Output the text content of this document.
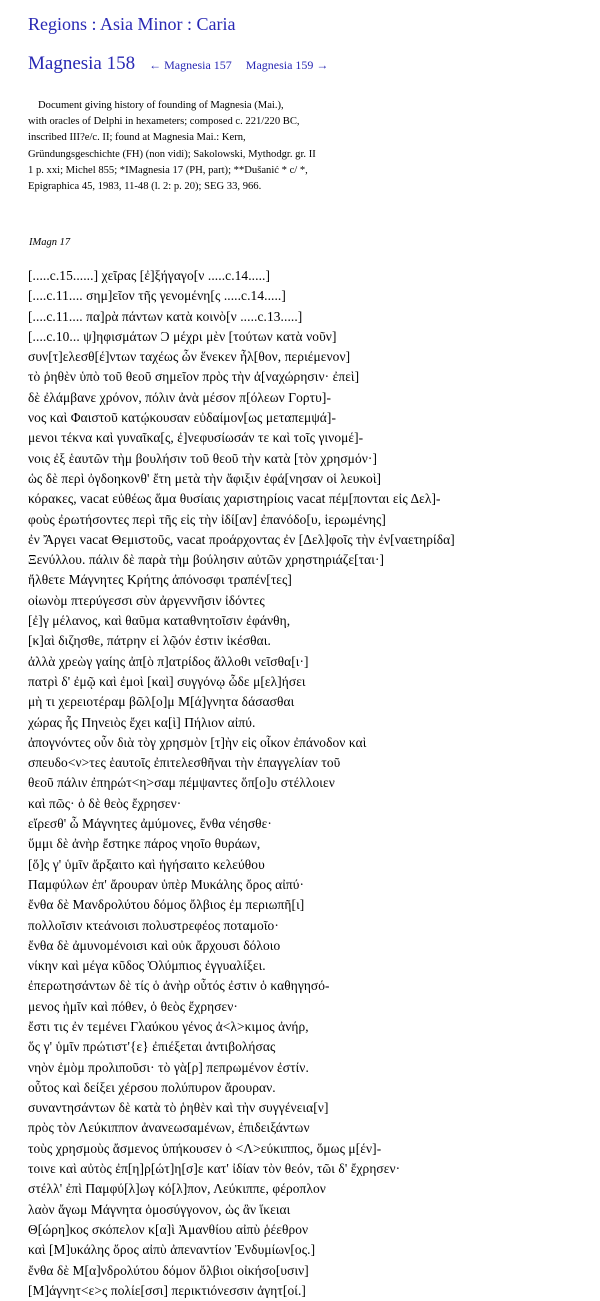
Regions : Asia Minor : Caria
Magnesia 158 ← Magnesia 157 Magnesia 159 →
Document giving history of founding of Magnesia (Mai.),
with oracles of Delphi in hexameters; composed c. 221/220 BC,
inscribed III?e/c. II; found at Magnesia Mai.: Kern,
Gründungsgeschichte (FH) (non vidi); Sakolowski, Mythodgr. gr. II
1 p. xxi; Michel 855; *IMagnesia 17 (PH, part); **Dušanić * c/ *,
Epigraphica 45, 1983, 11-48 (l. 2: p. 20); SEG 33, 966.
IMagn 17
[.....c.15......] χεῖρας [ἐ]ξήγαγο[ν .....c.14.....]
[....c.11.... σημ]εῖον τῆς γενομένη[ς .....c.14.....]
[....c.11.... πα]ρὰ πάντων κατὰ κοινὸ[ν .....c.13.....]
[....c.10... ψ]ηφισμάτων Ͻ μέχρι μὲν [τούτων κατὰ νοῦν]
συν[τ]ελεσθ[έ]ντων ταχέως ὧν ἕνεκεν ἦλ[θον, περιέμενον]
τὸ ῥηθὲν ὑπὸ τοῦ θεοῦ σημεῖον πρὸς τὴν ἀ[ναχώρησιν· ἐπεὶ]
δὲ ἐλάμβανε χρόνον, πόλιν ἀνὰ μέσον π[όλεων Γορτυ]-
νος καὶ Φαιστοῦ κατῴκουσαν εὐδαίμον[ως μεταπεμψά]-
μενοι τέκνα καὶ γυναῖκα[ς, ἐ]νεφυσίωσάν τε καὶ τοῖς γινομέ]-
νοις ἐξ ἑαυτῶν τὴμ βουλήσιν τοῦ θεοῦ τὴν κατὰ [τὸν χρησμόν·]
ὡς δὲ περὶ ὀγδοηκονθ' ἔτη μετὰ τὴν ἄφιξιν ἐφά[νησαν οἱ λευκοὶ]
κόρακες, vacat εὐθέως ἅμα θυσίαις χαριστηρίοις vacat πέμ[πονται εἰς Δελ]-
φοὺς ἐρωτήσοντες περὶ τῆς εἰς τὴν ἰδί[αν] ἐπανόδο[υ, ἱερωμένης]
ἐν Ἄργει vacat Θεμιστοῦς, vacat προάρχοντας ἐν [Δελ]φοῖς τὴν ἐν[ναετηρίδα]
Ξενύλλου. πάλιν δὲ παρὰ τὴμ βούλησιν αὐτῶν χρηστηριάζε[ται·]
ἤλθετε Μάγνητες Κρήτης ἀπόνοσφι τραπέν[τες]
οἰωνὸμ πτερύγεσσι σὺν ἀργεννῆσιν ἰδόντες
[ἐ]γ μέλανος, καὶ θαῦμα καταθνητοῖσιν ἐφάνθη,
[κ]αὶ διζησθε, πάτρην εἰ λῷόν ἐστιν ἱκέσθαι.
ἀλλὰ χρεὼγ γαίης ἀπ[ὸ π]ατρίδος ἄλλοθι νεῖσθα[ι·]
πατρὶ δ' ἐμῷ καὶ ἐμοὶ [καὶ] συγγόνῳ ὧδε μ[ελ]ήσει
μὴ τι χερειοτέραμ βῶλ[ο]μ Μ[ά]γνητα δάσασθαι
χώρας ἧς Πηνειὸς ἔχει κα[ὶ] Πήλιον αἰπύ.
ἀπογνόντες οὖν διὰ τὸγ χρησμὸν [τ]ὴν εἰς οἶκον ἐπάνοδον καὶ
σπευδο<ν>τες ἑαυτοῖς ἐπιτελεσθῆναι τὴν ἐπαγγελίαν τοῦ
θεοῦ πάλιν ἐπηρώτ<η>σαμ πέμψαντες ὅπ[ο]υ στέλλοιεν
καὶ πῶς· ὁ δὲ θεὸς ἔχρησεν·
εἴρεσθ' ὦ Μάγνητες ἀμύμονες, ἔνθα νέησθε·
ὕμμι δὲ ἀνὴρ ἔστηκε πάρος νηοῖο θυράων,
[ὅ]ς γ' ὑμῖν ἄρξαιτο καὶ ἡγήσαιτο κελεύθου
Παμφύλων ἐπ' ἄρουραν ὑπὲρ Μυκάλης ὄρος αἰπύ·
ἔνθα δὲ Μανδρολύτου δόμος ὄλβιος ἐμ περιωπῆ[ι]
πολλοῖσιν κτεάνοισι πολυστρεφέος ποταμοῖο·
ἔνθα δὲ ἀμυνομένοισι καὶ οὐκ ἄρχουσι δόλοιο
νίκην καὶ μέγα κῦδος Ὀλύμπιος ἐγγυαλίξει.
ἐπερωτησάντων δὲ τίς ὁ ἀνὴρ οὗτός ἐστιν ὁ καθηγησό-
μενος ἡμῖν καὶ πόθεν, ὁ θεὸς ἔχρησεν·
ἔστι τις ἐν τεμένει Γλαύκου γένος ἀ<λ>κιμος ἀνήρ,
ὅς γ' ὑμῖν πρώτιστ'{ε} ἐπιέξεται ἀντιβολήσας
νηὸν ἐμὸμ προλιποῦσι· τὸ γὰ[ρ] πεπρωμένον ἐστίν.
οὗτος καὶ δείξει χέρσου πολύπυρον ἄρουραν.
συναντησάντων δὲ κατὰ τὸ ῥηθὲν καὶ τὴν συγγένεια[ν]
πρὸς τὸν Λεύκιππον ἀνανεωσαμένων, ἐπιδειξάντων
τοὺς χρησμοὺς ἄσμενος ὑπήκουσεν ὁ <Λ>εύκιππος, ὅμως μ[έν]-
τοινε καὶ αὐτὸς ἐπ[η]ρ[ώτ]η[σ]ε κατ' ἰδίαν τὸν θεόν, τῶι δ' ἔχρησεν·
στέλλ' ἐπὶ Παμφύ[λ]ωγ κό[λ]πον, Λεύκιππε, φέροπλον
λαὸν ἄγωμ Μάγνητα ὁμοσύγγονον, ὡς ἂν ἵκειαι
Θ[ώρη]κος σκόπελον κ[α]ὶ Ἀμανθίου αἰπὺ ῥέεθρον
καὶ [Μ]υκάλης ὄρος αἰπὺ ἀπεναντίον Ἐνδυμίων[ος.]
ἔνθα δὲ Μ[α]νδρολύτου δόμον ὄλβιοι οἰκήσο[υσιν]
[Μ]άγνητ<ε>ς πολίε[σσι] περικτιόνεσσιν ἀγητ[οί.]
